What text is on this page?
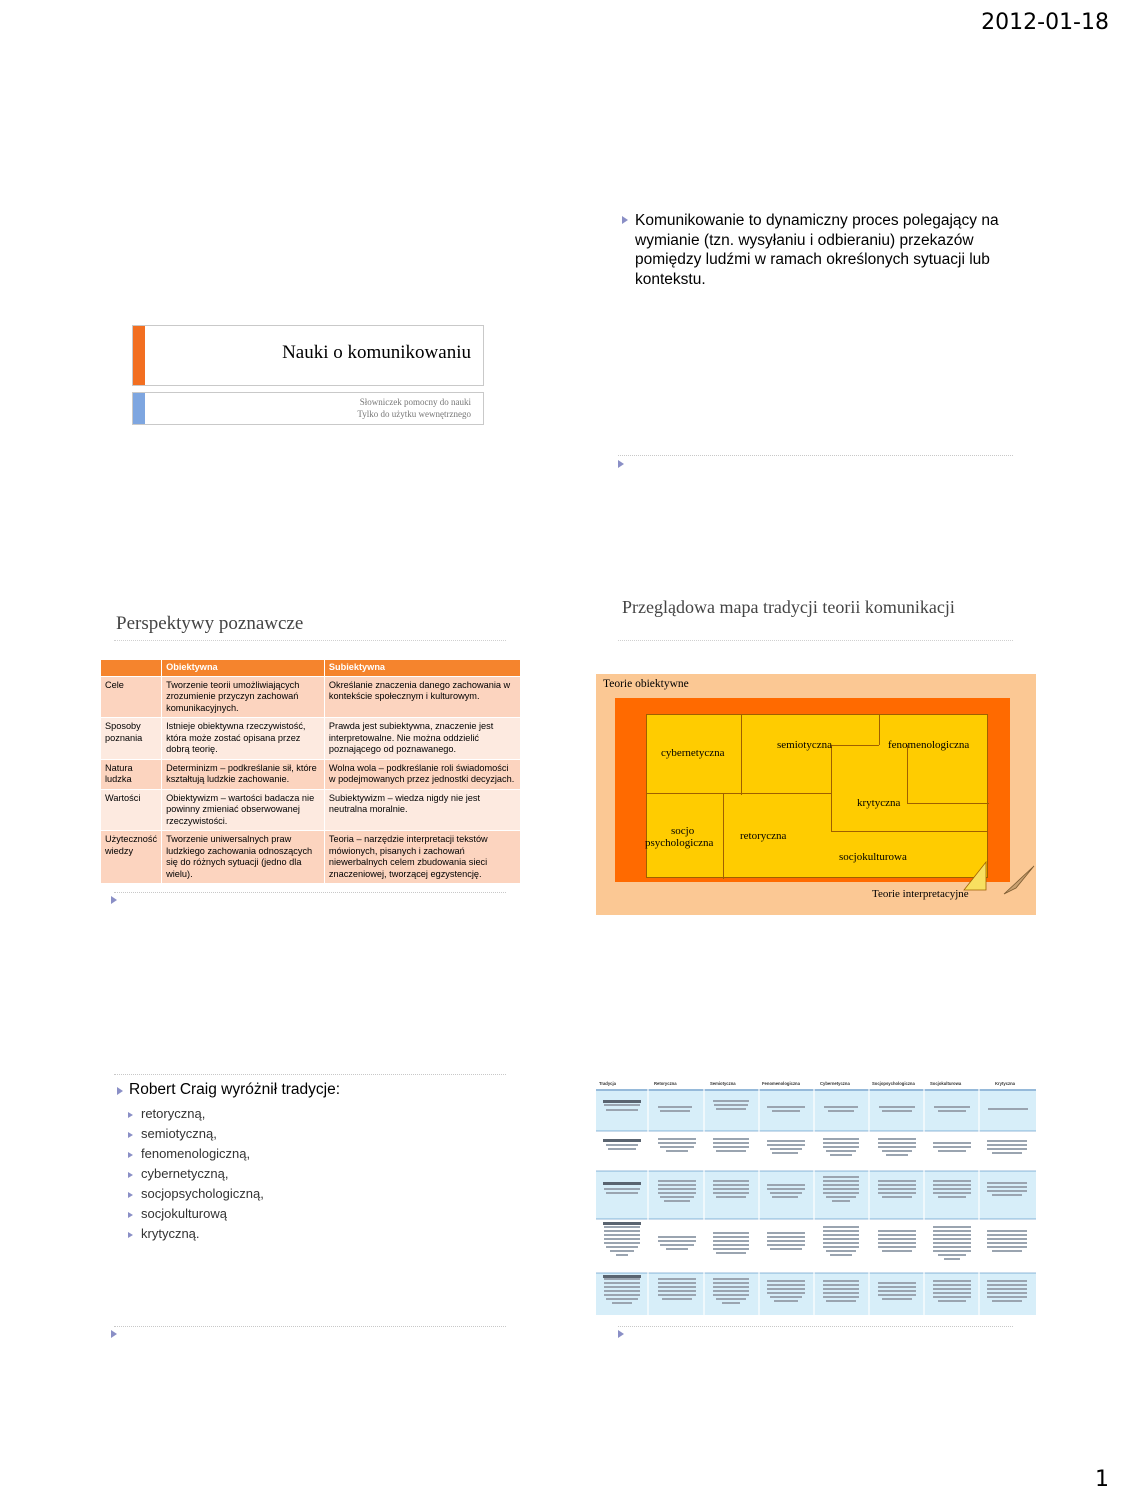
2012-01-18
Nauki o komunikowaniu
Słowniczek pomocny do nauki
Tylko do użytku wewnętrznego
Komunikowanie to dynamiczny proces polegający na wymianie (tzn. wysyłaniu i odbieraniu) przekazów pomiędzy ludźmi w ramach określonych sytuacji lub kontekstu.
Perspektywy poznawcze
	Obiektywna	Subiektywna
Cele	Tworzenie teorii umożliwiających zrozumienie przyczyn zachowań komunikacyjnych.	Określanie znaczenia danego zachowania w kontekście społecznym i kulturowym.
Sposoby poznania	Istnieje obiektywna rzeczywistość, która może zostać opisana przez dobrą teorię.	Prawda jest subiektywna, znaczenie jest interpretowalne. Nie można oddzielić poznającego od poznawanego.
Natura ludzka	Determinizm – podkreślanie sił, które kształtują ludzkie zachowanie.	Wolna wola – podkreślanie roli świadomości w podejmowanych przez jednostki decyzjach.
Wartości	Obiektywizm – wartości badacza nie powinny zmieniać obserwowanej rzeczywistości.	Subiektywizm – wiedza nigdy nie jest neutralna moralnie.
Użyteczność wiedzy	Tworzenie uniwersalnych praw ludzkiego zachowania odnoszących się do różnych sytuacji (jedno dla wielu).	Teoria – narzędzie interpretacji tekstów mówionych, pisanych i zachowań niewerbalnych celem zbudowania sieci znaczeniowej, tworzącej egzystencję.
Przeglądowa mapa tradycji teorii komunikacji
Teorie obiektywne
cybernetyczna
semiotyczna	fenomenologiczna
krytyczna
socjo
psychologiczna
retoryczna
socjokulturowa
Teorie interpretacyjne
Robert Craig wyróżnił tradycje:
retoryczną,
semiotyczną,
fenomenologiczną,
cybernetyczną,
socjopsychologiczną,
socjokulturową
krytyczną.
Tradycja	Retoryczna	Semiotyczna	Fenomenologiczna	Cybernetyczna	Socjopsychologiczna	Socjokulturowa	Krytyczna
1
